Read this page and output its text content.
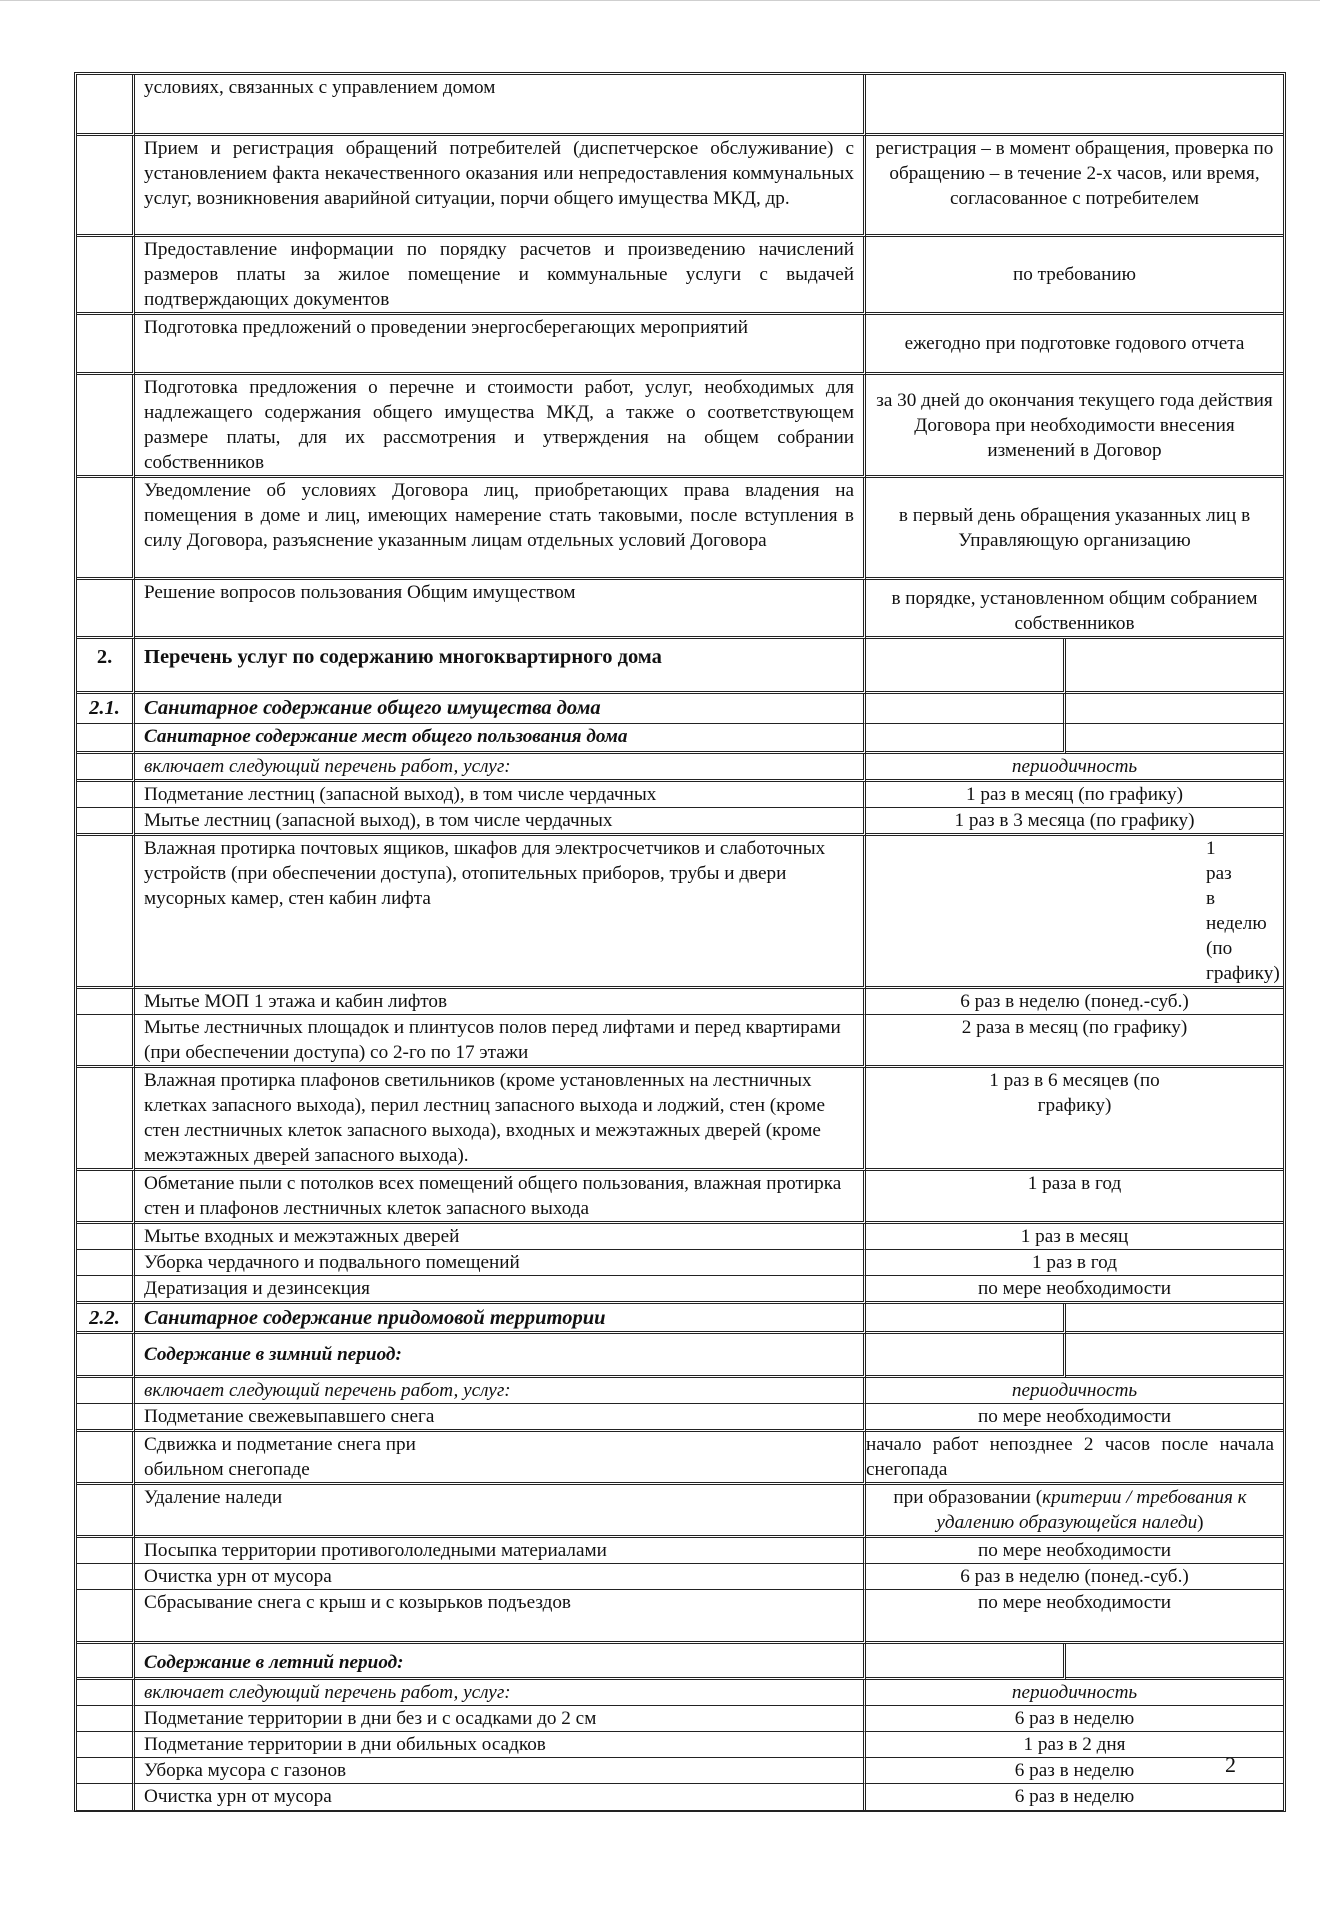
	условиях, связанных с управлением домом		
	Прием и регистрация обращений потребителей (диспетчерское обслуживание) с установлением факта некачественного оказания или непредоставления коммунальных услуг, возникновения аварийной ситуации, порчи общего имущества МКД, др.	регистрация – в момент обращения, проверка по обращению – в течение 2-х часов, или время, согласованное с потребителем	
	Предоставление информации по порядку расчетов и произведению начислений размеров платы за жилое помещение и коммунальные услуги с выдачей подтверждающих документов	по требованию	
	Подготовка предложений о проведении энергосберегающих мероприятий	ежегодно при подготовке годового отчета	
	Подготовка предложения о перечне и стоимости работ, услуг, необходимых для надлежащего содержания общего имущества МКД, а также о соответствующем размере платы, для их рассмотрения и утверждения на общем собрании собственников	за 30 дней до окончания текущего года действия Договора при необходимости внесения изменений в Договор	
	Уведомление об условиях Договора лиц, приобретающих права владения на помещения в доме и лиц, имеющих намерение стать таковыми, после вступления в силу Договора, разъяснение указанным лицам отдельных условий Договора	в первый день обращения указанных лиц в Управляющую организацию	
	Решение вопросов пользования Общим имуществом	в порядке, установленном общим собранием собственников	
2.	Перечень услуг по содержанию многоквартирного дома		
2.1.	Санитарное содержание общего имущества дома		
	Санитарное содержание мест общего пользования дома		
	включает следующий перечень работ, услуг:	периодичность	
	Подметание лестниц (запасной выход), в том числе чердачных	1 раз в месяц (по графику)	
	Мытье лестниц (запасной выход), в том числе чердачных	1 раз в 3 месяца (по графику)	
	Влажная протирка почтовых ящиков, шкафов для электросчетчиков и слаботочных устройств (при обеспечении доступа), отопительных приборов, трубы и двери мусорных камер, стен кабин лифта	1 раз в неделю (по графику)	
	Мытье МОП 1 этажа и кабин лифтов	6 раз в неделю (понед.-суб.)	
	Мытье лестничных площадок и плинтусов полов перед лифтами и перед квартирами (при обеспечении доступа) со 2-го по 17 этажи	2 раза в месяц (по графику)	
	Влажная протирка плафонов светильников (кроме установленных на лестничных клетках запасного выхода), перил лестниц запасного выхода и лоджий, стен (кроме стен лестничных клеток запасного выхода), входных и межэтажных дверей (кроме межэтажных дверей запасного выхода).	1 раз в 6 месяцев (по графику)	
	Обметание пыли с потолков всех помещений общего пользования, влажная протирка стен и плафонов лестничных клеток запасного выхода	1 раза в год	
	Мытье входных и межэтажных дверей	1 раз в месяц	
	Уборка чердачного и подвального помещений	1 раз в год	
	Дератизация и дезинсекция	по мере необходимости	
2.2.	Санитарное содержание придомовой территории		
	Содержание в зимний период:		
	включает следующий перечень работ, услуг:	периодичность	
	Подметание свежевыпавшего снега	по мере необходимости	
	Сдвижка и подметание снега при обильном снегопаде	начало работ непозднее 2 часов после начала снегопада	
	Удаление наледи	при образовании (критерии / требования к удалению образующейся наледи)	
	Посыпка территории противогололедными материалами	по мере необходимости	
	Очистка урн от мусора	6 раз в неделю (понед.-суб.)	
	Сбрасывание снега с крыш и с козырьков подъездов	по мере необходимости	
	Содержание в летний период:		
	включает следующий перечень работ, услуг:	периодичность	
	Подметание территории в дни без и с осадками до 2 см	6 раз в неделю	
	Подметание территории в дни обильных осадков	1 раз в 2 дня	
	Уборка мусора с газонов	6 раз в неделю	
	Очистка урн от мусора	6 раз в неделю	
2
